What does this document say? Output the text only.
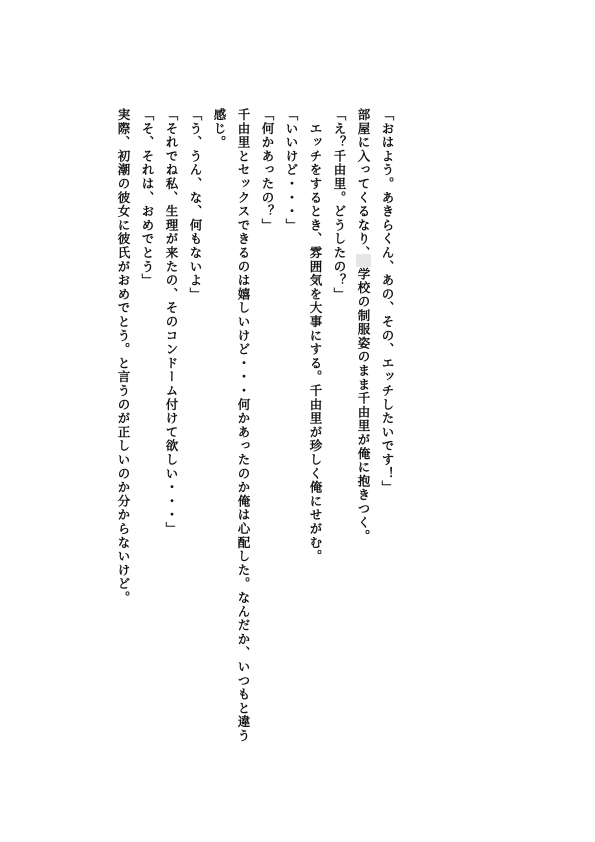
「おはよう。あきらくん、あの、その、エッチしたいです！」
部屋に入ってくるなり、　学校の制服姿のまま千由里が俺に抱きつく。
「え？千由里。どうしたの？」
　エッチをするとき、雰囲気を大事にする。千由里が珍しく俺にせがむ。
「いいけど・・・」
「何かあったの？」
千由里とセックスできるのは嬉しいけど・・・何かあったのか俺は心配した。なんだか、いつもと違う
感じ。
「う、うん、な、何もないよ」
「それでね私、生理が来たの、そのコンドーム付けて欲しい・・・」
「そ、それは、おめでとう」
実際、初潮の彼女に彼氏がおめでとう。と言うのが正しいのか分からないけど。
